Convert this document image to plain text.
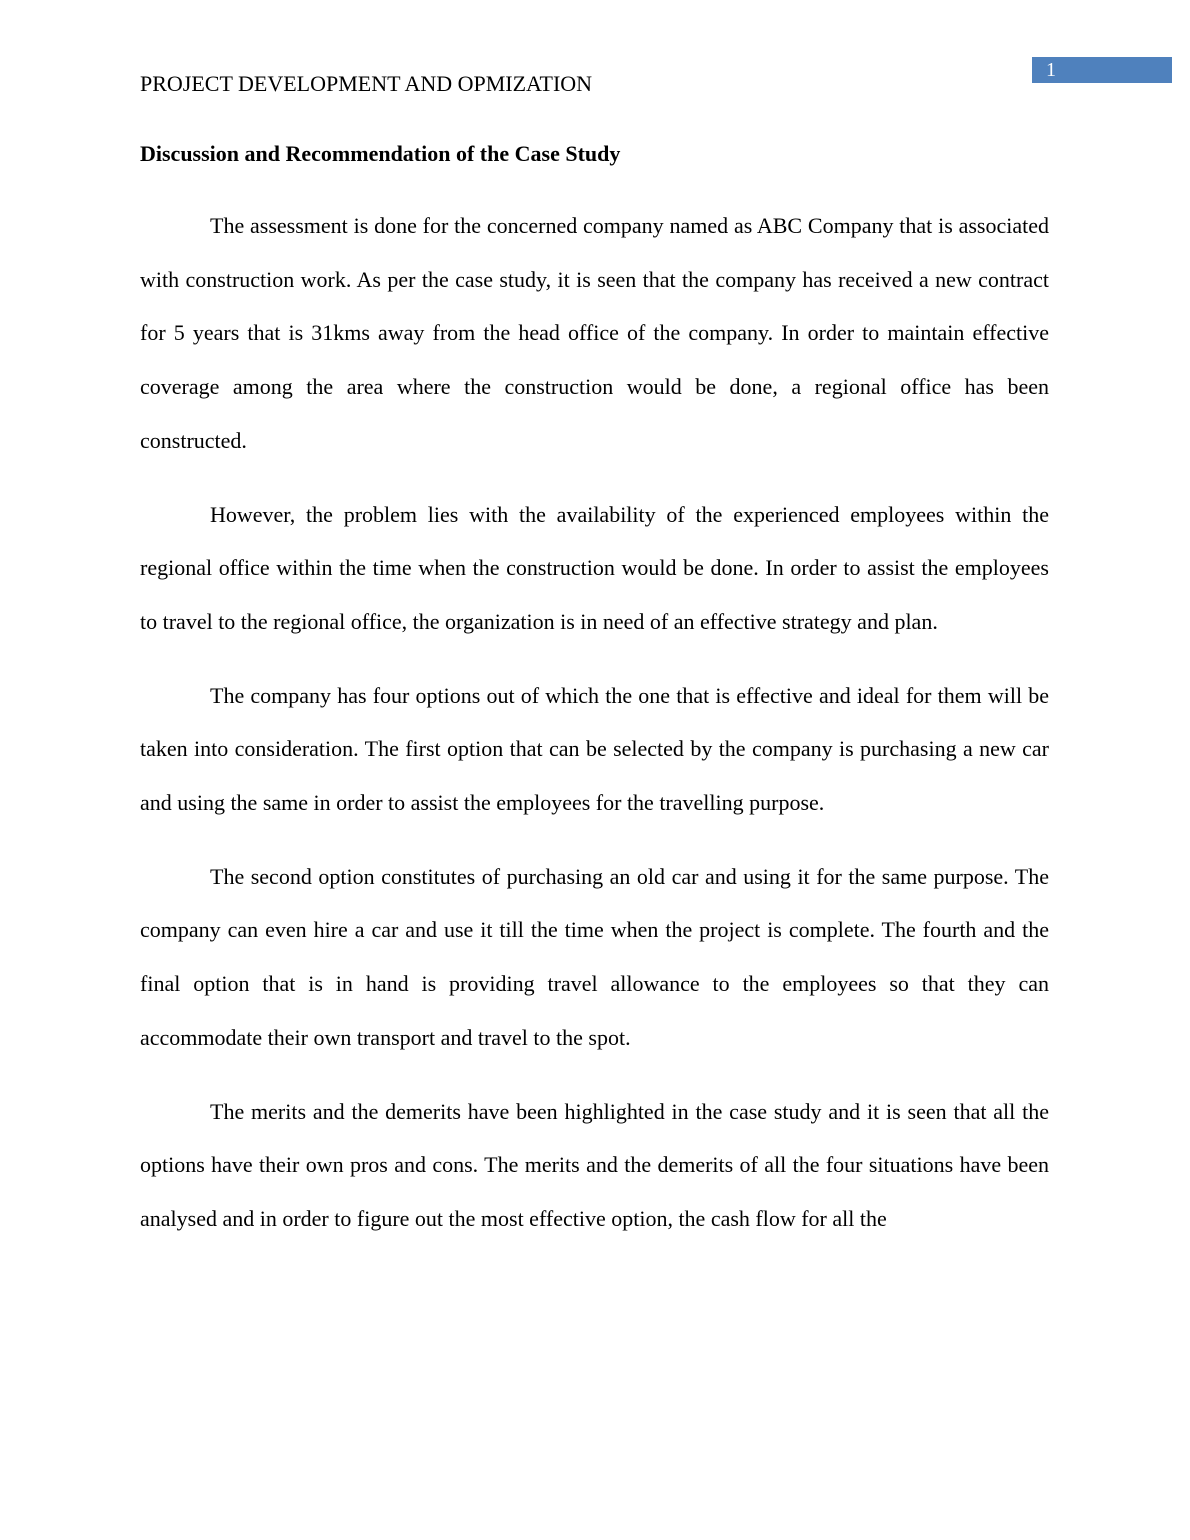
1
PROJECT DEVELOPMENT AND OPMIZATION
Discussion and Recommendation of the Case Study

The assessment is done for the concerned company named as ABC Company that is associated with construction work. As per the case study, it is seen that the company has received a new contract for 5 years that is 31kms away from the head office of the company. In order to maintain effective coverage among the area where the construction would be done, a regional office has been constructed.

However, the problem lies with the availability of the experienced employees within the regional office within the time when the construction would be done. In order to assist the employees to travel to the regional office, the organization is in need of an effective strategy and plan.

The company has four options out of which the one that is effective and ideal for them will be taken into consideration. The first option that can be selected by the company is purchasing a new car and using the same in order to assist the employees for the travelling purpose.

The second option constitutes of purchasing an old car and using it for the same purpose. The company can even hire a car and use it till the time when the project is complete. The fourth and the final option that is in hand is providing travel allowance to the employees so that they can accommodate their own transport and travel to the spot.

The merits and the demerits have been highlighted in the case study and it is seen that all the options have their own pros and cons. The merits and the demerits of all the four situations have been analysed and in order to figure out the most effective option, the cash flow for all the
